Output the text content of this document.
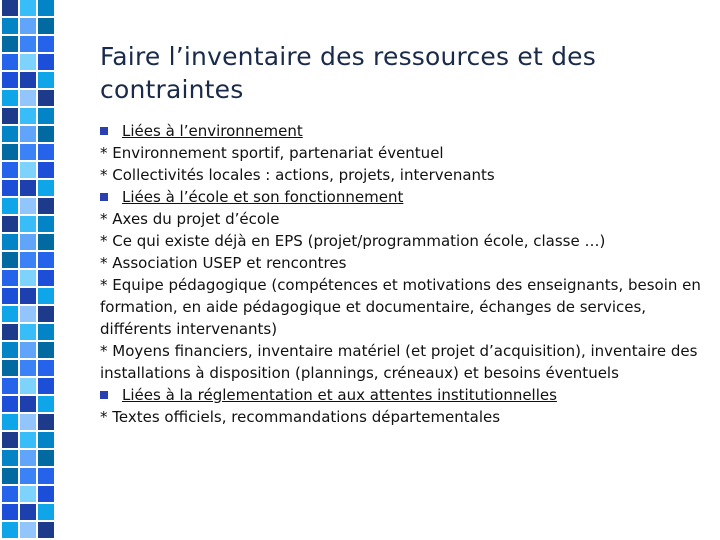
Faire l’inventaire des ressources et des contraintes
Liées à l’environnement
* Environnement sportif, partenariat éventuel
* Collectivités locales : actions, projets, intervenants
Liées à l’école et son fonctionnement
* Axes du projet d’école
* Ce qui existe déjà en EPS (projet/programmation école, classe …)
* Association USEP et rencontres
* Equipe pédagogique (compétences et motivations des enseignants, besoin en formation, en aide pédagogique et documentaire, échanges de services, différents intervenants)
* Moyens financiers, inventaire matériel (et projet d’acquisition), inventaire des installations à disposition (plannings, créneaux) et besoins éventuels
Liées à la réglementation et aux attentes institutionnelles
* Textes officiels, recommandations départementales
